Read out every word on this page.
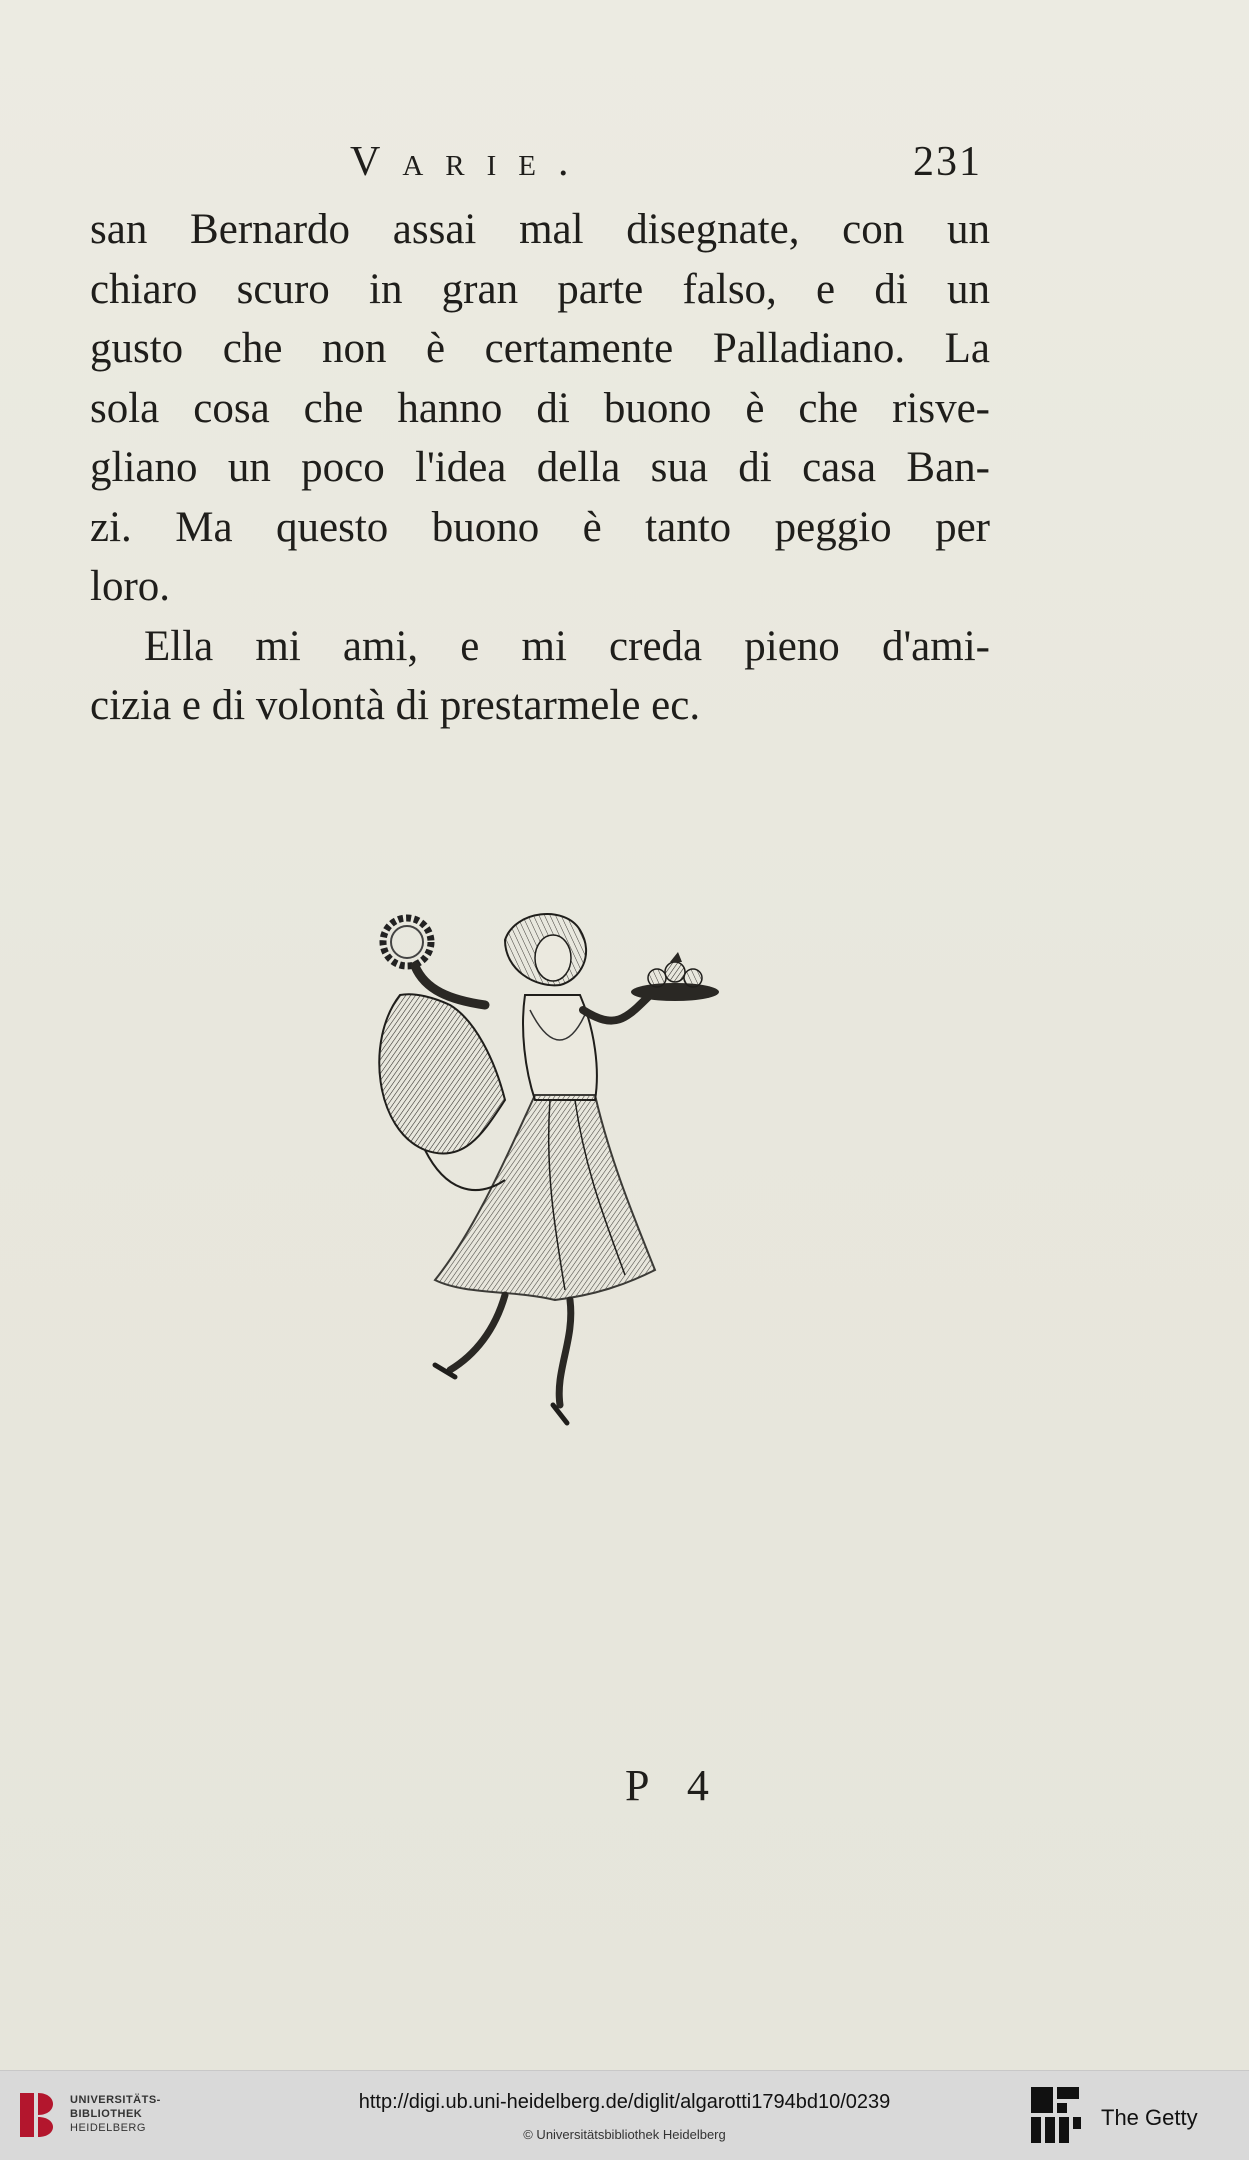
Varie.	231

san Bernardo assai mal disegnate, con un
chiaro scuro in gran parte falso, e di un
gusto che non è certamente Palladiano. La
sola cosa che hanno di buono è che risve-
gliano un poco l'idea della sua di casa Ban-
zi. Ma questo buono è tanto peggio per
loro.

Ella mi ami, e mi creda pieno d'ami-
cizia e di volontà di prestarmele ec.

P 4
UNIVERSITÄTS-
BIBLIOTHEK
HEIDELBERG
http://digi.ub.uni-heidelberg.de/diglit/algarotti1794bd10/0239
© Universitätsbibliothek Heidelberg
The Getty
